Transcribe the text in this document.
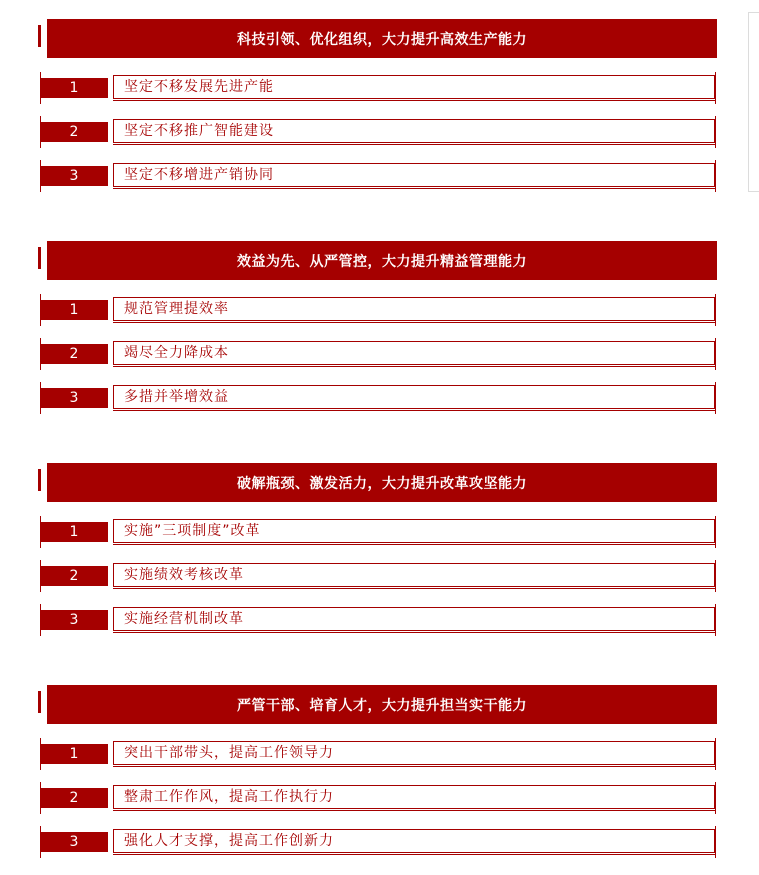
科技引领、优化组织，大力提升高效生产能力
1	坚定不移发展先进产能
2	坚定不移推广智能建设
3	坚定不移增进产销协同
效益为先、从严管控，大力提升精益管理能力
1	规范管理提效率
2	竭尽全力降成本
3	多措并举增效益
破解瓶颈、激发活力，大力提升改革攻坚能力
1	实施”三项制度”改革
2	实施绩效考核改革
3	实施经营机制改革
严管干部、培育人才，大力提升担当实干能力
1	突出干部带头，提高工作领导力
2	整肃工作作风，提高工作执行力
3	强化人才支撑，提高工作创新力
